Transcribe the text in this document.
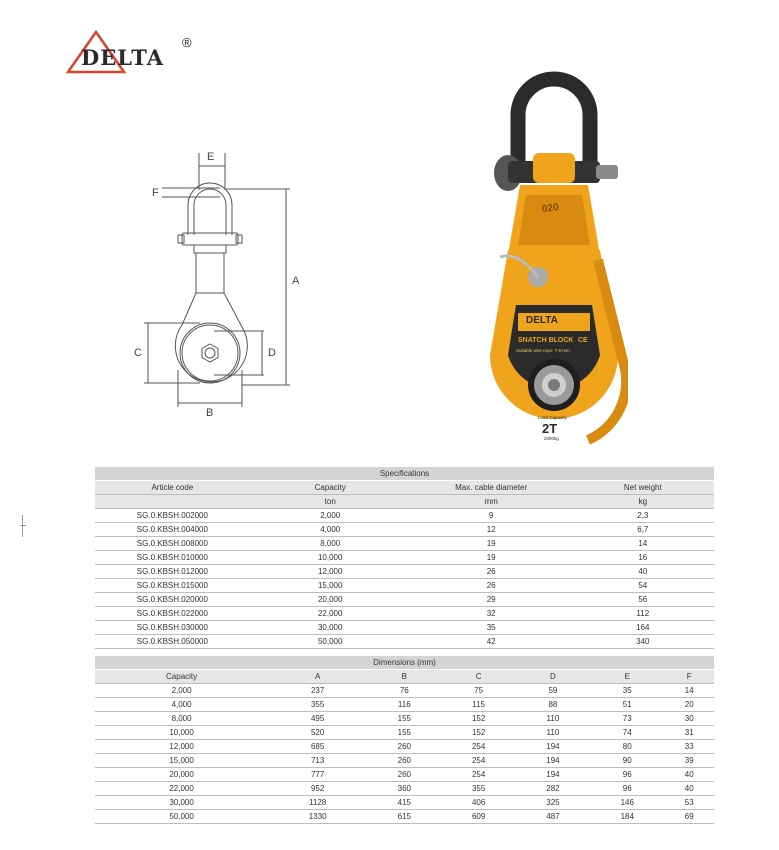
DELTA
®
E
F
A
C	D
B
020
DELTA
SNATCH BLOCK CE
Suitable wire rope: 7-8 mm
Load Capacity
2T
2000kg
Specifications			
Article code	Capacity	Max. cable diameter	Net weight
	ton	mm	kg
SG.0.KBSH.002000	2,000	9	2,3
SG.0.KBSH.004000	4,000	12	6,7
SG.0.KBSH.008000	8,000	19	14
SG.0.KBSH.010000	10,000	19	16
SG.0.KBSH.012000	12,000	26	40
SG.0.KBSH.015000	15,000	26	54
SG.0.KBSH.020000	20,000	29	56
SG.0.KBSH.022000	22,000	32	112
SG.0.KBSH.030000	30,000	35	164
SG.0.KBSH.050000	50,000	42	340
Dimensions (mm)						
Capacity	A	B	C	D	E	F
2,000	237	76	75	59	35	14
4,000	355	116	115	88	51	20
8,000	495	155	152	110	73	30
10,000	520	155	152	110	74	31
12,000	685	260	254	194	80	33
15,000	713	260	254	194	90	39
20,000	777	260	254	194	96	40
22,000	952	360	355	282	96	40
30,000	1128	415	406	325	146	53
50,000	1330	615	609	487	184	69
